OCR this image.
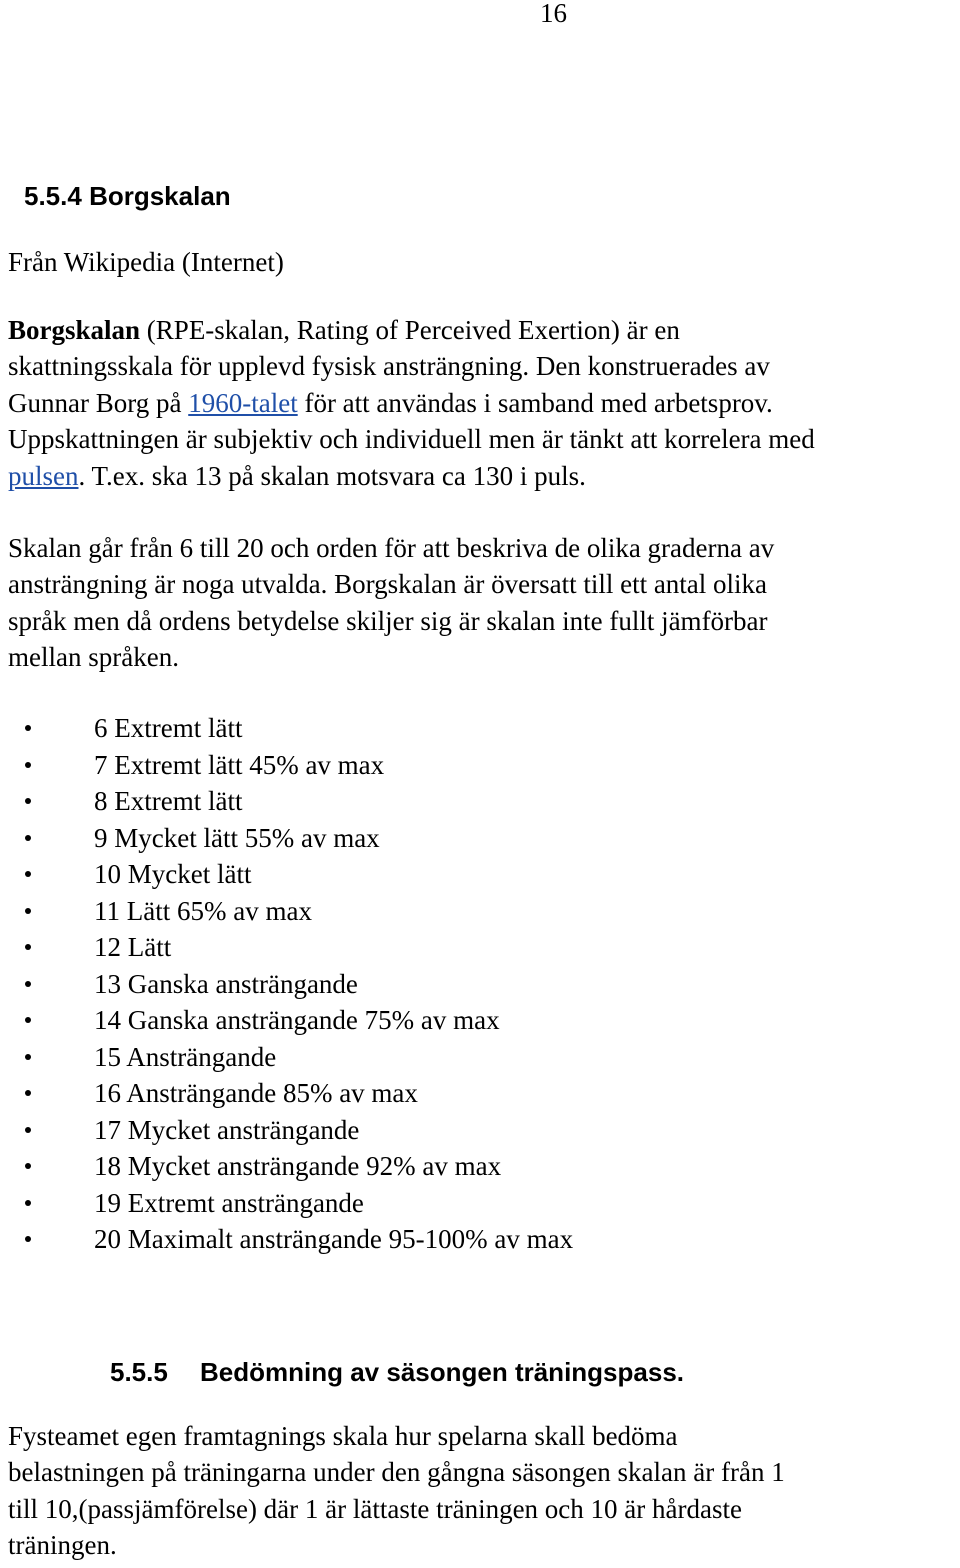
16
5.5.4 Borgskalan

Från Wikipedia (Internet)

Borgskalan (RPE-skalan, Rating of Perceived Exertion) är en
skattningsskala för upplevd fysisk ansträngning. Den konstruerades av
Gunnar Borg på 1960-talet för att användas i samband med arbetsprov.
Uppskattningen är subjektiv och individuell men är tänkt att korrelera med
pulsen. T.ex. ska 13 på skalan motsvara ca 130 i puls.

Skalan går från 6 till 20 och orden för att beskriva de olika graderna av
ansträngning är noga utvalda. Borgskalan är översatt till ett antal olika
språk men då ordens betydelse skiljer sig är skalan inte fullt jämförbar
mellan språken.

6 Extremt lätt
7 Extremt lätt 45% av max
8 Extremt lätt
9 Mycket lätt 55% av max
10 Mycket lätt
11 Lätt 65% av max
12 Lätt
13 Ganska ansträngande
14 Ganska ansträngande 75% av max
15 Ansträngande
16 Ansträngande 85% av max
17 Mycket ansträngande
18 Mycket ansträngande 92% av max
19 Extremt ansträngande
20 Maximalt ansträngande 95-100% av max
5.5.5 Bedömning av säsongen träningspass.

Fysteamet egen framtagnings skala hur spelarna skall bedöma
belastningen på träningarna under den gångna säsongen skalan är från 1
till 10,(passjämförelse) där 1 är lättaste träningen och 10 är hårdaste
träningen.
